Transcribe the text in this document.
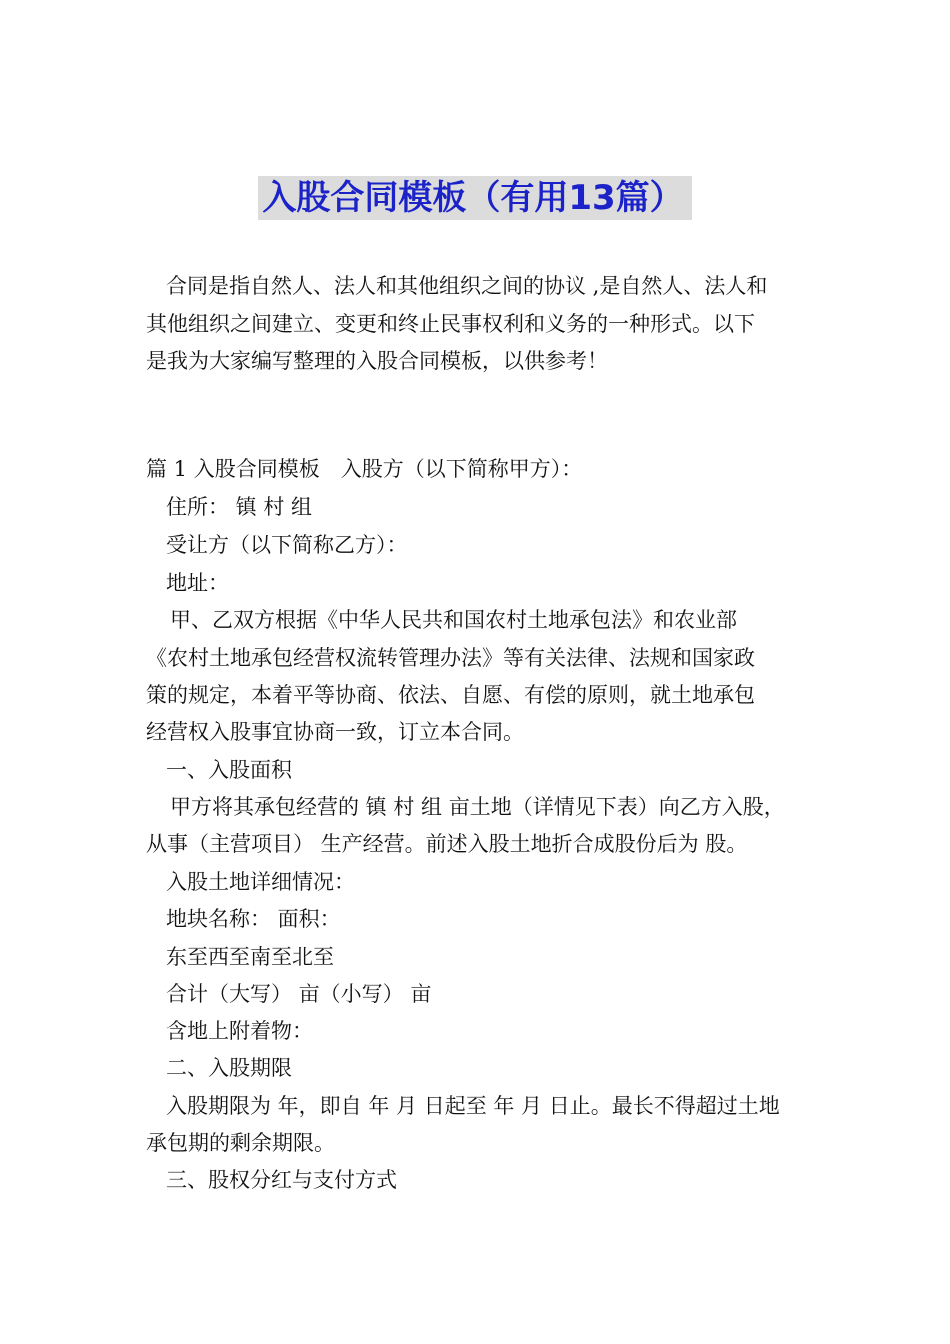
入股合同模板（有用13篇）
合同是指自然人、法人和其他组织之间的协议 ,是自然人、法人和
其他组织之间建立、变更和终止民事权利和义务的一种形式。以下
是我为大家编写整理的入股合同模板，以供参考！
篇 1 入股合同模板　入股方（以下简称甲方）：
住所： 镇 村 组
受让方（以下简称乙方）：
地址：
甲、乙双方根据《中华人民共和国农村土地承包法》和农业部
《农村土地承包经营权流转管理办法》等有关法律、法规和国家政
策的规定，本着平等协商、依法、自愿、有偿的原则，就土地承包
经营权入股事宜协商一致，订立本合同。
一、入股面积
甲方将其承包经营的 镇 村 组 亩土地（详情见下表）向乙方入股，
从事（主营项目） 生产经营。前述入股土地折合成股份后为 股。
入股土地详细情况：
地块名称： 面积：
东至西至南至北至
合计（大写） 亩（小写） 亩
含地上附着物：
二、入股期限
入股期限为 年，即自 年 月 日起至 年 月 日止。最长不得超过土地
承包期的剩余期限。
三、股权分红与支付方式
